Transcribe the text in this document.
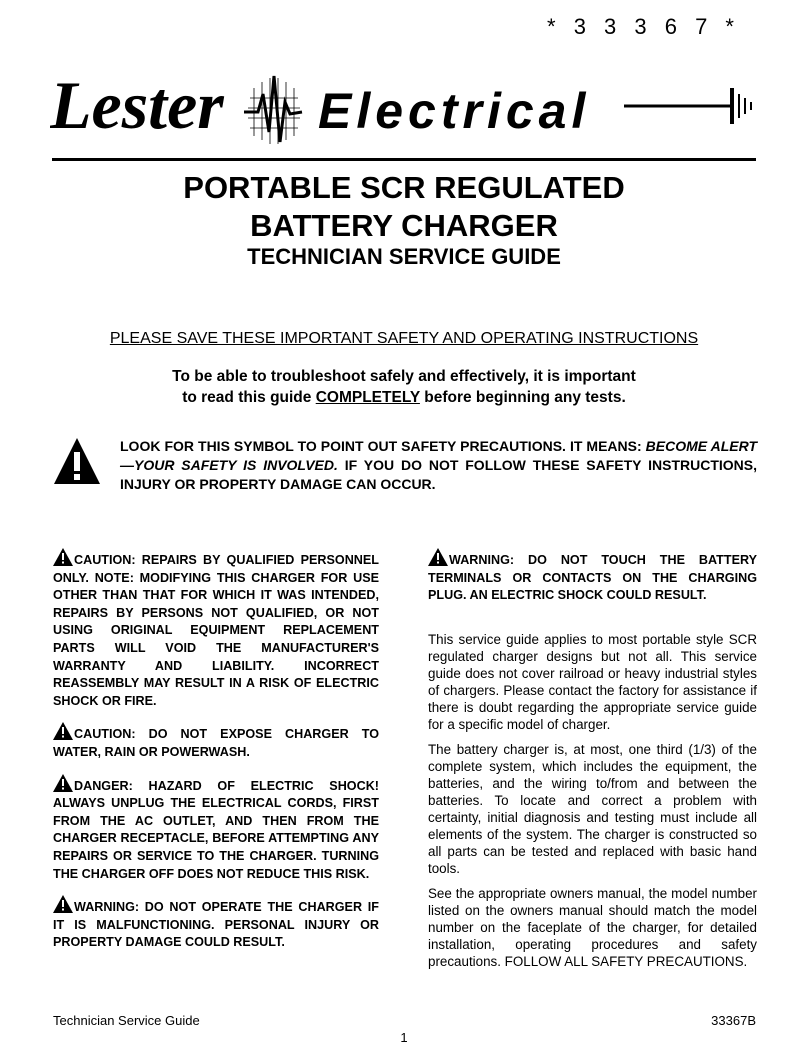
* 3 3 3 6 7 *
Lester Electrical
PORTABLE SCR REGULATED
BATTERY CHARGER
TECHNICIAN SERVICE GUIDE
PLEASE SAVE THESE IMPORTANT SAFETY AND OPERATING INSTRUCTIONS
To be able to troubleshoot safely and effectively, it is important
to read this guide COMPLETELY before beginning any tests.
LOOK FOR THIS SYMBOL TO POINT OUT SAFETY PRECAUTIONS. IT MEANS: BECOME ALERT—YOUR SAFETY IS INVOLVED. IF YOU DO NOT FOLLOW THESE SAFETY INSTRUCTIONS, INJURY OR PROPERTY DAMAGE CAN OCCUR.

CAUTION: REPAIRS BY QUALIFIED PERSONNEL ONLY. NOTE: MODIFYING THIS CHARGER FOR USE OTHER THAN THAT FOR WHICH IT WAS INTENDED, REPAIRS BY PERSONS NOT QUALIFIED, OR NOT USING ORIGINAL EQUIPMENT REPLACEMENT PARTS WILL VOID THE MANUFACTURER'S WARRANTY AND LIABILITY. INCORRECT REASSEMBLY MAY RESULT IN A RISK OF ELECTRIC SHOCK OR FIRE.

CAUTION: DO NOT EXPOSE CHARGER TO WATER, RAIN OR POWERWASH.

DANGER: HAZARD OF ELECTRIC SHOCK! ALWAYS UNPLUG THE ELECTRICAL CORDS, FIRST FROM THE AC OUTLET, AND THEN FROM THE CHARGER RECEPTACLE, BEFORE ATTEMPTING ANY REPAIRS OR SERVICE TO THE CHARGER. TURNING THE CHARGER OFF DOES NOT REDUCE THIS RISK.

WARNING: DO NOT OPERATE THE CHARGER IF IT IS MALFUNCTIONING. PERSONAL INJURY OR PROPERTY DAMAGE COULD RESULT.

WARNING: DO NOT TOUCH THE BATTERY TERMINALS OR CONTACTS ON THE CHARGING PLUG. AN ELECTRIC SHOCK COULD RESULT.

This service guide applies to most portable style SCR regulated charger designs but not all. This service guide does not cover railroad or heavy industrial styles of chargers. Please contact the factory for assistance if there is doubt regarding the appropriate service guide for a specific model of charger.

The battery charger is, at most, one third (1/3) of the complete system, which includes the equipment, the batteries, and the wiring to/from and between the batteries. To locate and correct a problem with certainty, initial diagnosis and testing must include all elements of the system. The charger is constructed so all parts can be tested and replaced with basic hand tools.

See the appropriate owners manual, the model number listed on the owners manual should match the model number on the faceplate of the charger, for detailed installation, operating procedures and safety precautions. FOLLOW ALL SAFETY PRECAUTIONS.

Technician Service Guide	33367B
1
